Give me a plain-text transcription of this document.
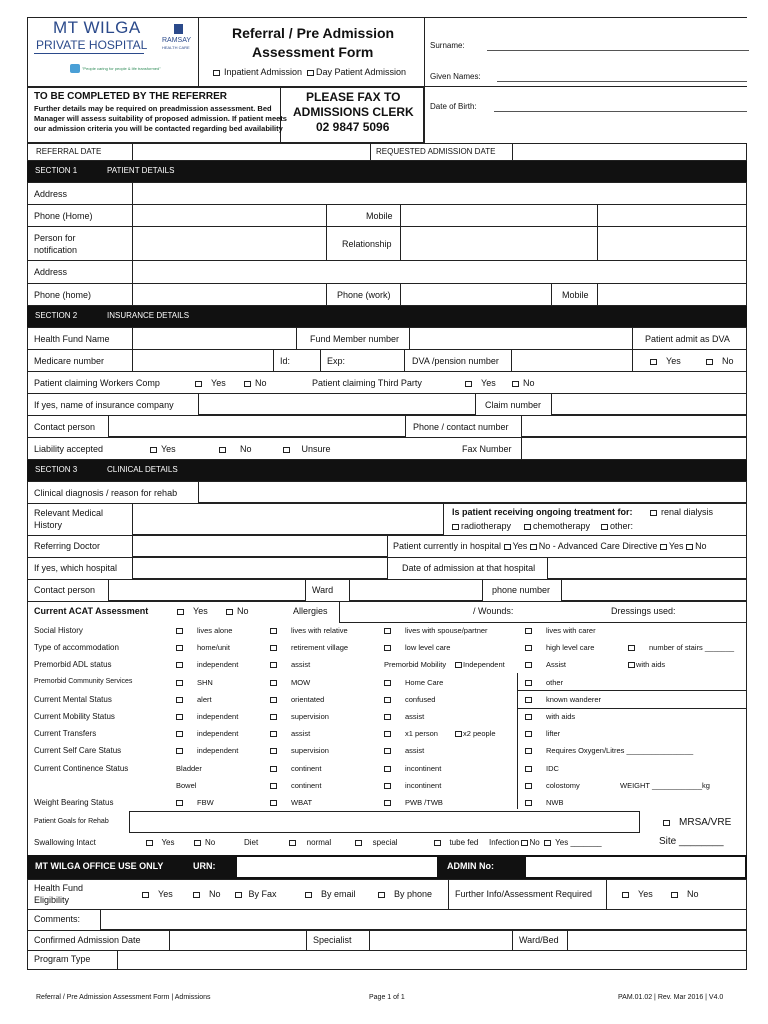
MT WILGA
PRIVATE HOSPITAL RAMSAY
HEALTH CARE
"People caring for people & life transformed"
Referral / Pre Admission
Assessment Form
Inpatient Admission	Day Patient Admission
Surname:
Given Names:
Date of Birth:
TO BE COMPLETED BY THE REFERRER
Further details may be required on preadmission assessment. Bed
Manager will assess suitability of proposed admission. If patient meets
our admission criteria you will be contacted regarding bed availability
PLEASE FAX TO
ADMISSIONS CLERK
02 9847 5096
REFERRAL DATE	REQUESTED ADMISSION DATE
SECTION 1	PATIENT DETAILS
Address
Phone (Home)	Mobile
Person for
notification
Relationship
Address
Phone (home)	Phone (work)	Mobile
SECTION 2	INSURANCE DETAILS
Health Fund Name	Fund Member number	Patient admit as DVA
Medicare number	Id:	Exp:	DVA /pension number	Yes	No
Patient claiming Workers Comp	Yes	No	Patient claiming Third Party	Yes	No
If yes, name of insurance company	Claim number
Contact person	Phone / contact number
Liability accepted	Yes	No	Unsure	Fax Number
SECTION 3	CLINICAL DETAILS
Clinical diagnosis / reason for rehab
Relevant Medical
History
Is patient receiving ongoing treatment for:	renal dialysis
radiotherapy	chemotherapy	other:
Referring Doctor	Patient currently in hospital Yes No - Advanced Care Directive Yes No
If yes, which hospital	Date of admission at that hospital
Contact person	Ward	phone number
Current ACAT Assessment	Yes	No	Allergies	/ Wounds:	Dressings used:
Social History	lives alone	lives with relative	lives with spouse/partner	lives with carer
Type of accommodation	home/unit	retirement village	low level care	high level care	number of stairs _______
Premorbid ADL status	independent	assist	Premorbid Mobility	Independent	Assist	with aids
Premorbid Community Services	SHN	MOW	Home Care	other
Current Mental Status	alert	orientated	confused	known wanderer
Current Mobility Status	independent	supervision	assist	with aids
Current Transfers	independent	assist	x1 person	x2 people	lifter
Current Self Care Status	independent	supervision	assist	Requires Oxygen/Litres ________________
Current Continence Status	Bladder	continent	incontinent	IDC
Bowel	continent	incontinent	colostomy	WEIGHT ____________kg
Weight Bearing Status	FBW	WBAT	PWB /TWB	NWB
Patient Goals for Rehab	MRSA/VRE
Swallowing Intact	Yes	No	Diet	normal	special	tube fed Infection No Yes _______	Site ________
MT WILGA OFFICE USE ONLY	URN:	ADMIN No:
Health Fund
Eligibility
Yes	No	By Fax	By email	By phone	Further Info/Assessment Required	Yes	No
Comments:
Confirmed Admission Date	Specialist	Ward/Bed
Program Type
Referral / Pre Admission Assessment Form | Admissions	Page 1 of 1	PAM.01.02 | Rev. Mar 2016 | V4.0
